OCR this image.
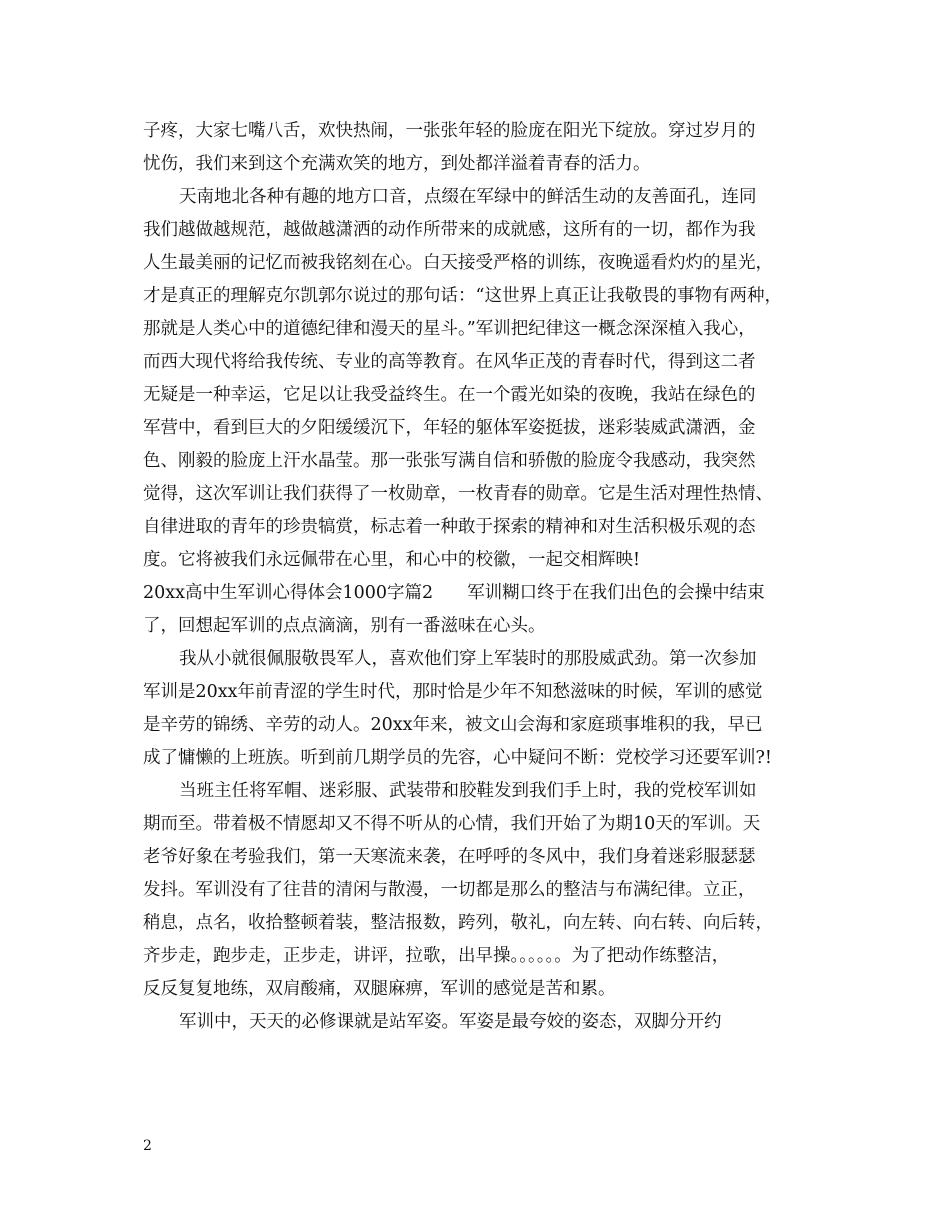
子疼，大家七嘴八舌，欢快热闹，一张张年轻的脸庞在阳光下绽放。穿过岁月的
忧伤，我们来到这个充满欢笑的地方，到处都洋溢着青春的活力。
天南地北各种有趣的地方口音，点缀在军绿中的鲜活生动的友善面孔，连同
我们越做越规范，越做越潇洒的动作所带来的成就感，这所有的一切，都作为我
人生最美丽的记忆而被我铭刻在心。白天接受严格的训练，夜晚遥看灼灼的星光，
才是真正的理解克尔凯郭尔说过的那句话：“这世界上真正让我敬畏的事物有两种，
那就是人类心中的道德纪律和漫天的星斗。”军训把纪律这一概念深深植入我心，
而西大现代将给我传统、专业的高等教育。在风华正茂的青春时代，得到这二者
无疑是一种幸运，它足以让我受益终生。在一个霞光如染的夜晚，我站在绿色的
军营中，看到巨大的夕阳缓缓沉下，年轻的躯体军姿挺拔，迷彩装威武潇洒，金
色、刚毅的脸庞上汗水晶莹。那一张张写满自信和骄傲的脸庞令我感动，我突然
觉得，这次军训让我们获得了一枚勋章，一枚青春的勋章。它是生活对理性热情、
自律进取的青年的珍贵犒赏，标志着一种敢于探索的精神和对生活积极乐观的态
度。它将被我们永远佩带在心里，和心中的校徽，一起交相辉映!
20xx高中生军训心得体会1000字篇2 军训糊口终于在我们出色的会操中结束
了，回想起军训的点点滴滴，别有一番滋味在心头。
我从小就很佩服敬畏军人，喜欢他们穿上军装时的那股威武劲。第一次参加
军训是20xx年前青涩的学生时代，那时恰是少年不知愁滋味的时候，军训的感觉
是辛劳的锦绣、辛劳的动人。20xx年来，被文山会海和家庭琐事堆积的我，早已
成了慵懒的上班族。听到前几期学员的先容，心中疑问不断：党校学习还要军训?!
当班主任将军帽、迷彩服、武装带和胶鞋发到我们手上时，我的党校军训如
期而至。带着极不情愿却又不得不听从的心情，我们开始了为期10天的军训。天
老爷好象在考验我们，第一天寒流来袭，在呼呼的冬风中，我们身着迷彩服瑟瑟
发抖。军训没有了往昔的清闲与散漫，一切都是那么的整洁与布满纪律。立正，
稍息，点名，收拾整顿着装，整洁报数，跨列，敬礼，向左转、向右转、向后转，
齐步走，跑步走，正步走，讲评，拉歌，出早操。。。。。。为了把动作练整洁，
反反复复地练，双肩酸痛，双腿麻痹，军训的感觉是苦和累。
军训中，天天的必修课就是站军姿。军姿是最夸姣的姿态，双脚分开约
2
